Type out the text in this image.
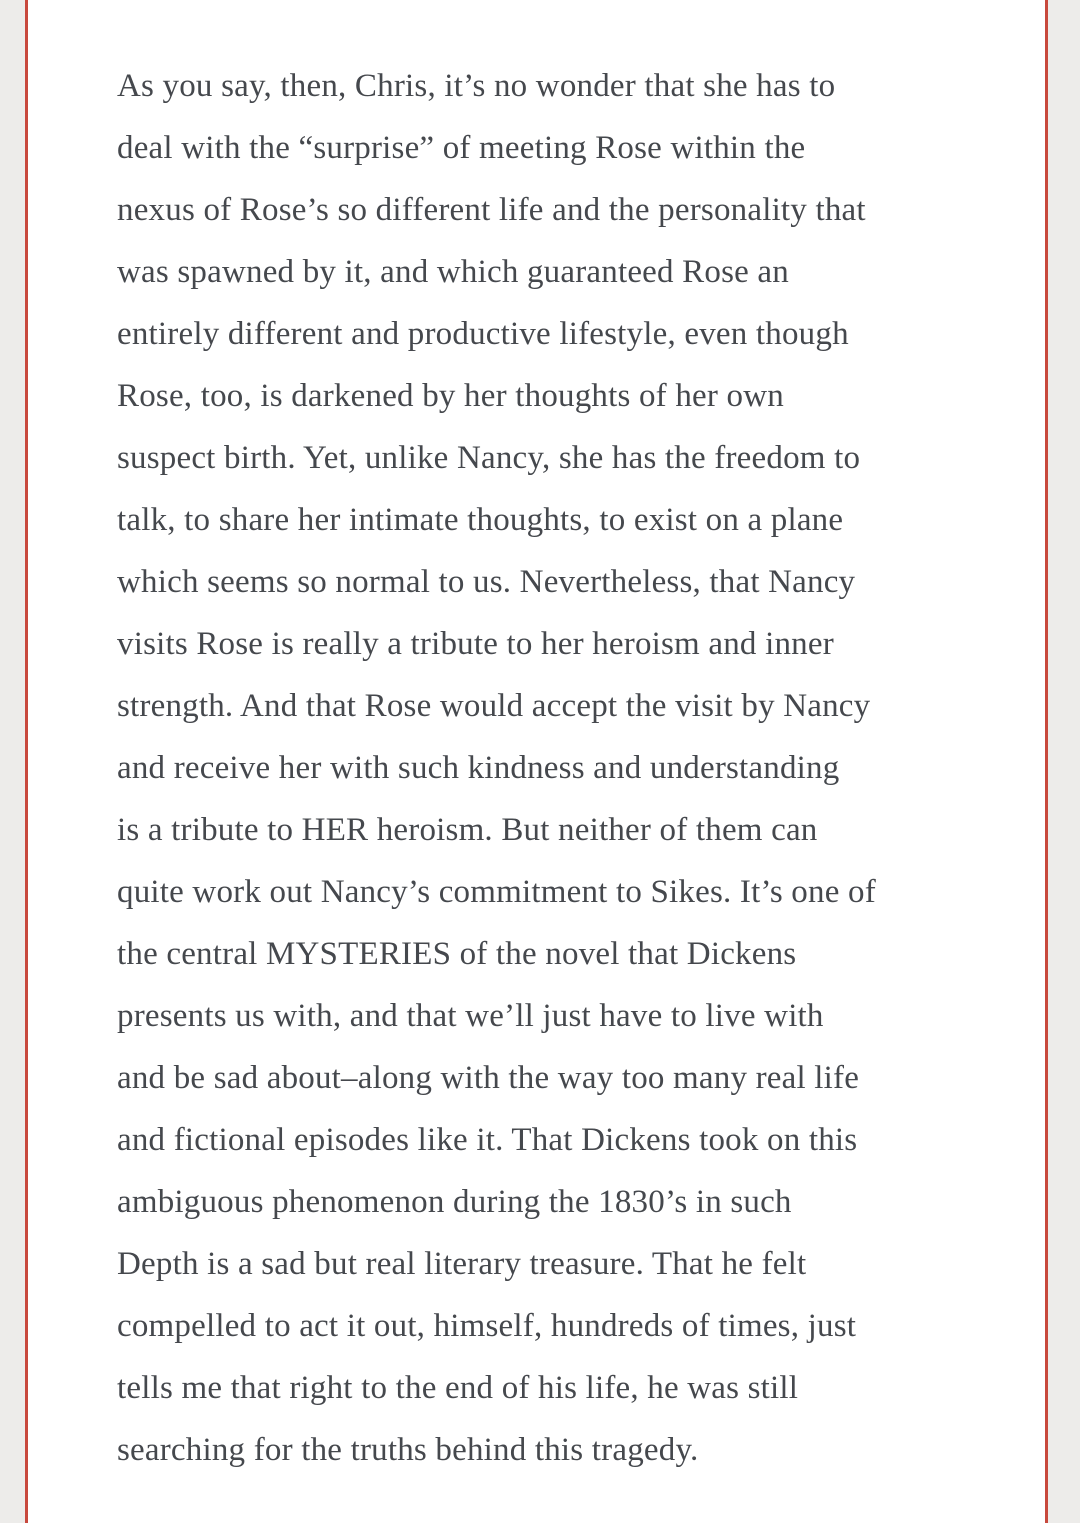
As you say, then, Chris, it’s no wonder that she has to
deal with the “surprise” of meeting Rose within the
nexus of Rose’s so different life and the personality that
was spawned by it, and which guaranteed Rose an
entirely different and productive lifestyle, even though
Rose, too, is darkened by her thoughts of her own
suspect birth. Yet, unlike Nancy, she has the freedom to
talk, to share her intimate thoughts, to exist on a plane
which seems so normal to us. Nevertheless, that Nancy
visits Rose is really a tribute to her heroism and inner
strength. And that Rose would accept the visit by Nancy
and receive her with such kindness and understanding
is a tribute to HER heroism. But neither of them can
quite work out Nancy’s commitment to Sikes. It’s one of
the central MYSTERIES of the novel that Dickens
presents us with, and that we’ll just have to live with
and be sad about–along with the way too many real life
and fictional episodes like it. That Dickens took on this
ambiguous phenomenon during the 1830’s in such
Depth is a sad but real literary treasure. That he felt
compelled to act it out, himself, hundreds of times, just
tells me that right to the end of his life, he was still
searching for the truths behind this tragedy.
